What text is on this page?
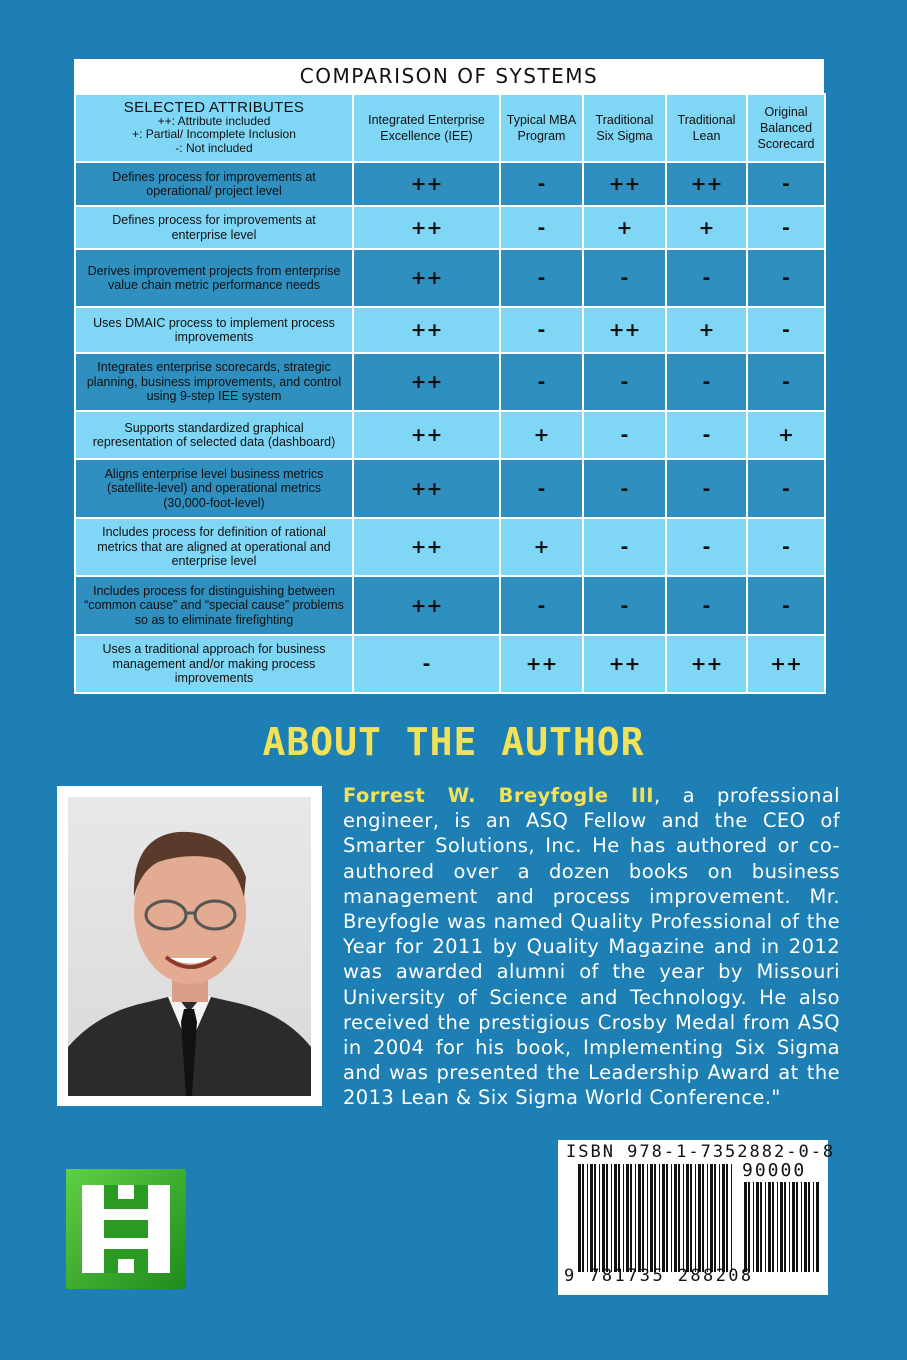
COMPARISON OF SYSTEMS
SELECTED ATTRIBUTES
++: Attribute included
+: Partial/ Incomplete Inclusion
-: Not included	Integrated Enterprise Excellence (IEE)	Typical MBA Program	Traditional Six Sigma	Traditional Lean	Original Balanced Scorecard
Defines process for improvements at operational/ project level	++	-	++	++	-
Defines process for improvements at enterprise level	++	-	+	+	-
Derives improvement projects from enterprise value chain metric performance needs	++	-	-	-	-
Uses DMAIC process to implement process improvements	++	-	++	+	-
Integrates enterprise scorecards, strategic planning, business improvements, and control using 9-step IEE system	++	-	-	-	-
Supports standardized graphical representation of selected data (dashboard)	++	+	-	-	+
Aligns enterprise level business metrics (satellite-level) and operational metrics (30,000-foot-level)	++	-	-	-	-
Includes process for definition of rational metrics that are aligned at operational and enterprise level	++	+	-	-	-
Includes process for distinguishing between “common cause” and “special cause” problems so as to eliminate firefighting	++	-	-	-	-
Uses a traditional approach for business management and/or making process improvements	-	++	++	++	++
ABOUT THE AUTHOR
Forrest W. Breyfogle III, a professional engineer, is an ASQ Fellow and the CEO of Smarter Solutions, Inc. He has authored or co-authored over a dozen books on business management and process improvement. Mr. Breyfogle was named Quality Professional of the Year for 2011 by Quality Magazine and in 2012 was awarded alumni of the year by Missouri University of Science and Technology. He also received the prestigious Crosby Medal from ASQ in 2004 for his book, Implementing Six Sigma and was presented the Leadership Award at the 2013 Lean & Six Sigma World Conference."
ISBN 978-1-7352882-0-8
90000
9 781735 288208
